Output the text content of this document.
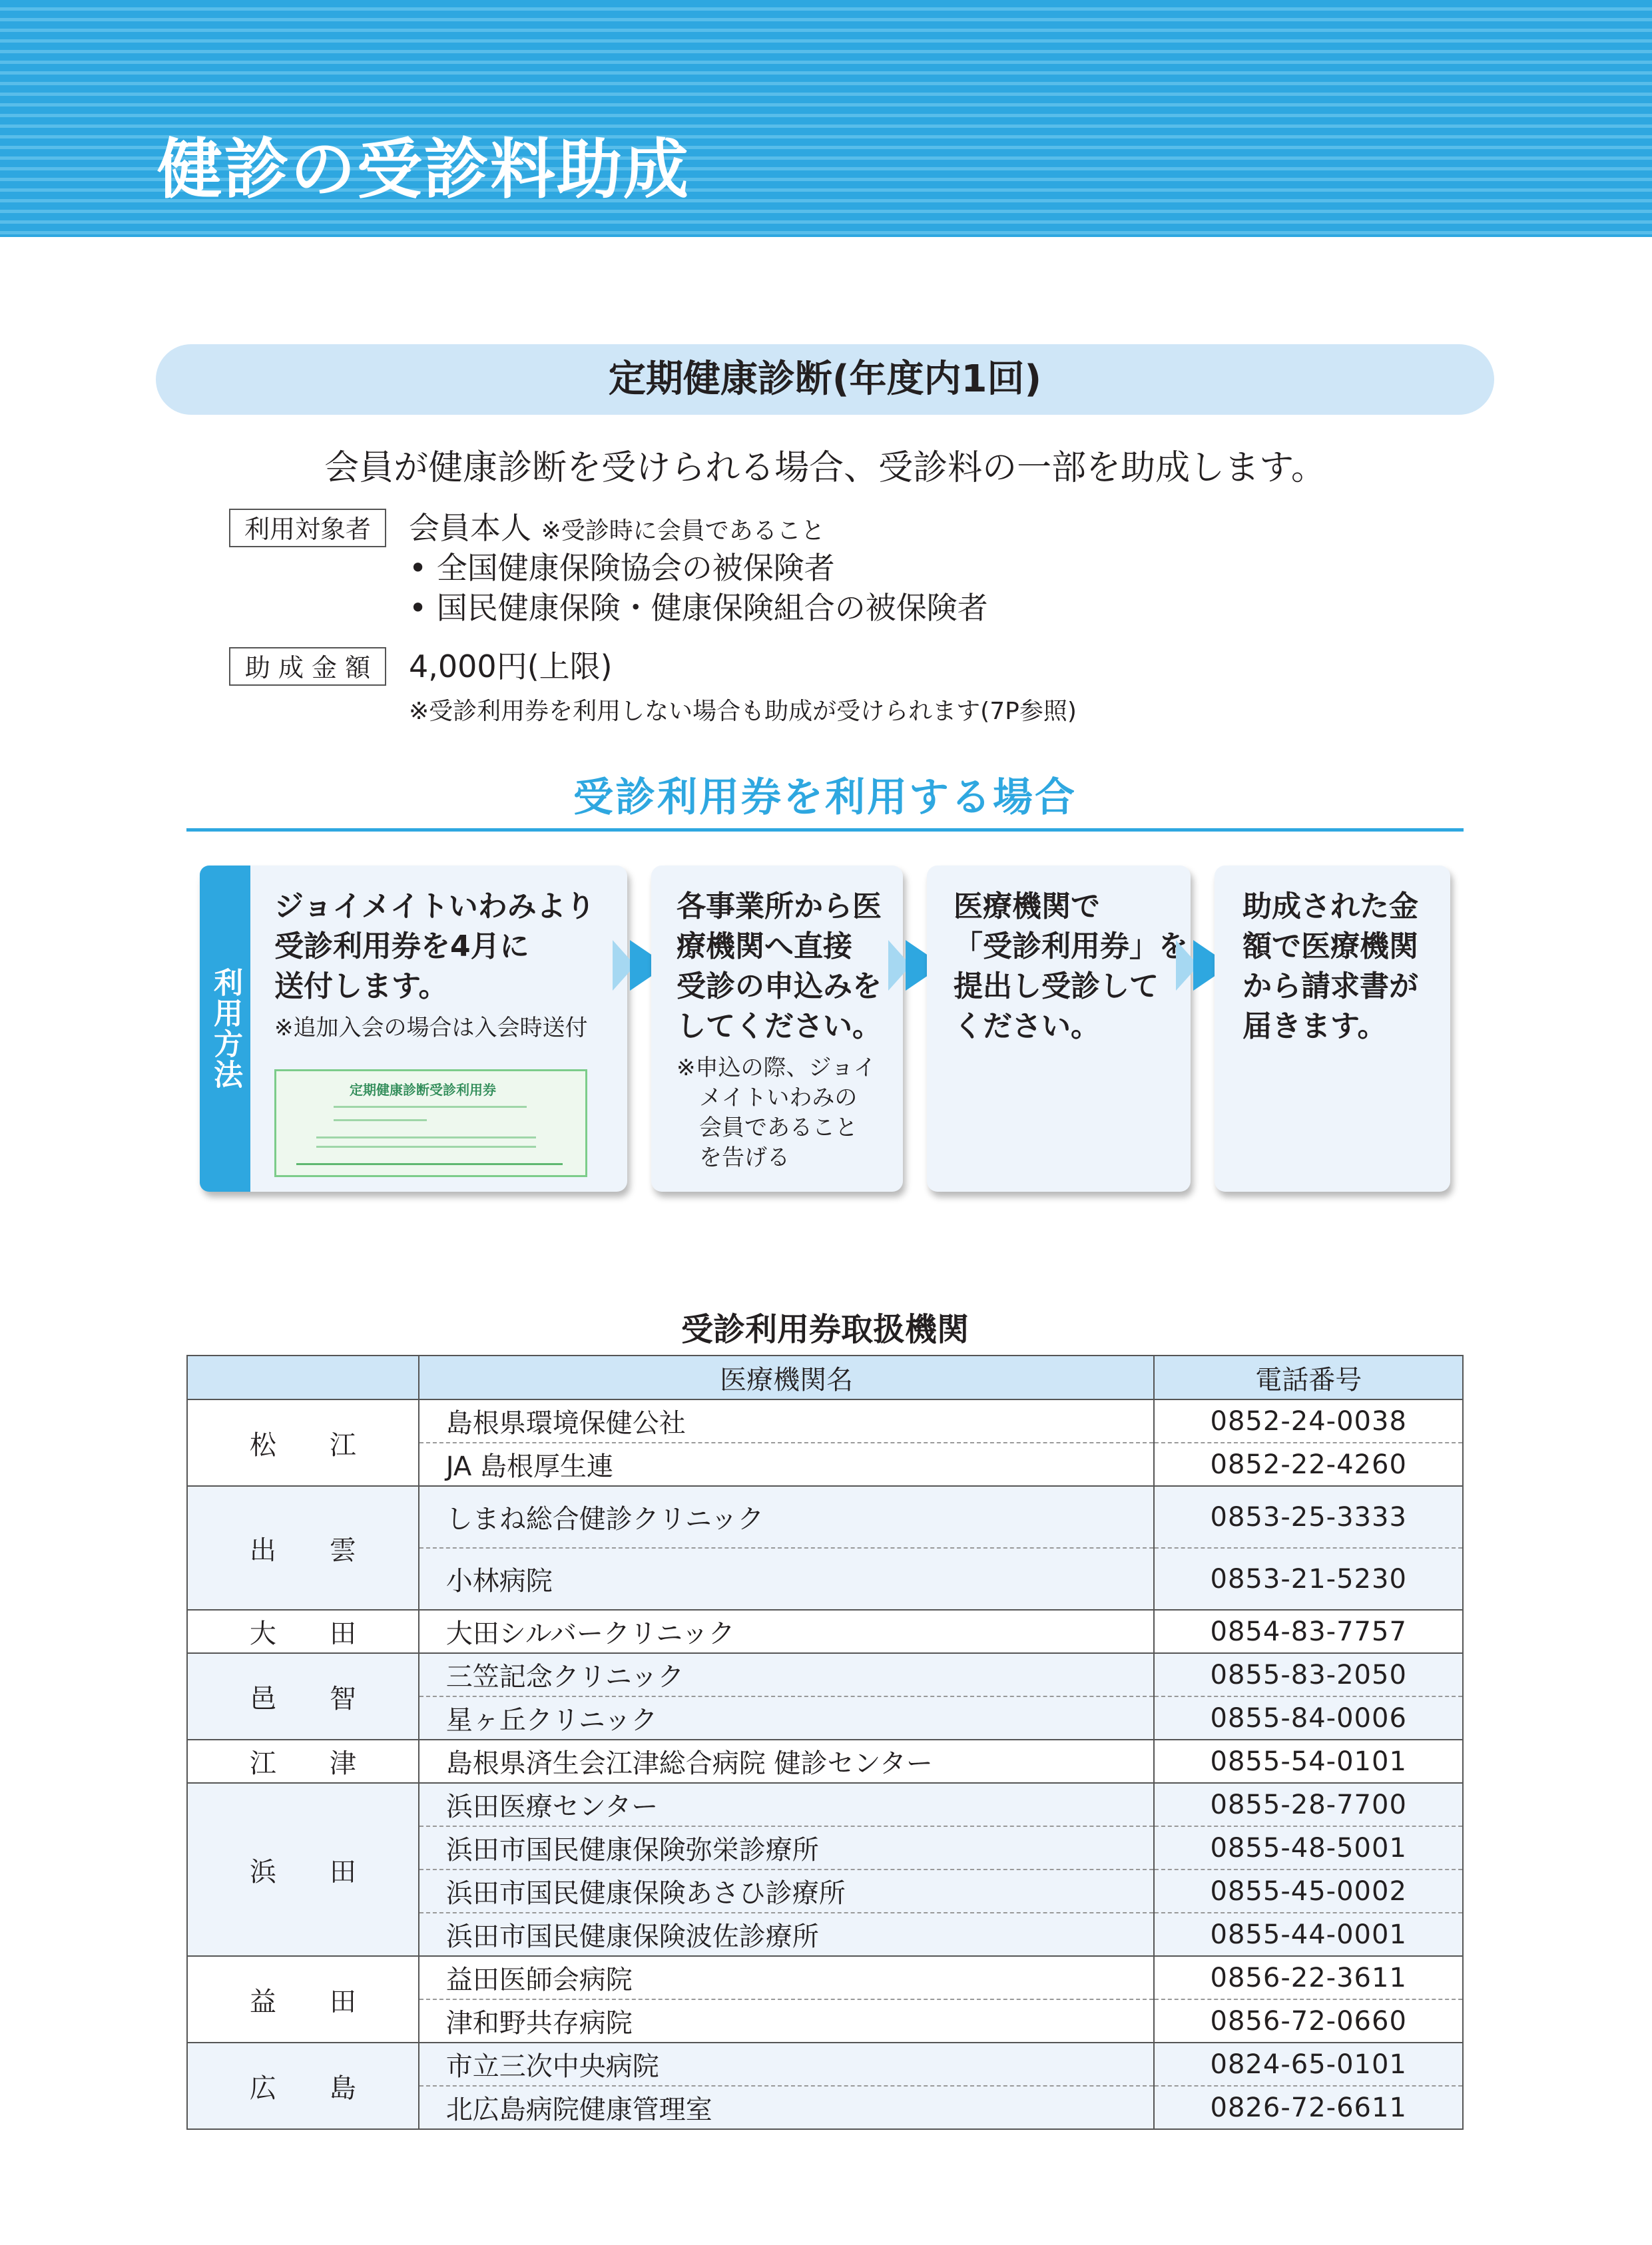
健診の受診料助成
定期健康診断(年度内1回)
会員が健康診断を受けられる場合、受診料の一部を助成します。
利用対象者	会員本人 ※受診時に会員であること
• 全国健康保険協会の被保険者
• 国民健康保険・健康保険組合の被保険者
助 成 金 額	4,000円(上限)
※受診利用券を利用しない場合も助成が受けられます(7P参照)
受診利用券を利用する場合
利用方法
ジョイメイトいわみより
受診利用券を4月に
送付します。
※追加入会の場合は入会時送付
定期健康診断受診利用券
各事業所から医
療機関へ直接
受診の申込みを
してください。
※申込の際、ジョイ
　メイトいわみの
　会員であること
　を告げる
医療機関で
「受診利用券」を
提出し受診して
ください。
助成された金
額で医療機関
から請求書が
届きます。
受診利用券取扱機関
	医療機関名	電話番号
松江	島根県環境保健公社	0852-24-0038
	JA 島根厚生連	0852-22-4260
出雲	しまね総合健診クリニック	0853-25-3333
	小林病院	0853-21-5230
大田	大田シルバークリニック	0854-83-7757
邑智	三笠記念クリニック	0855-83-2050
	星ヶ丘クリニック	0855-84-0006
江津	島根県済生会江津総合病院 健診センター	0855-54-0101
浜田	浜田医療センター	0855-28-7700
	浜田市国民健康保険弥栄診療所	0855-48-5001
	浜田市国民健康保険あさひ診療所	0855-45-0002
	浜田市国民健康保険波佐診療所	0855-44-0001
益田	益田医師会病院	0856-22-3611
	津和野共存病院	0856-72-0660
広島	市立三次中央病院	0824-65-0101
	北広島病院健康管理室	0826-72-6611
